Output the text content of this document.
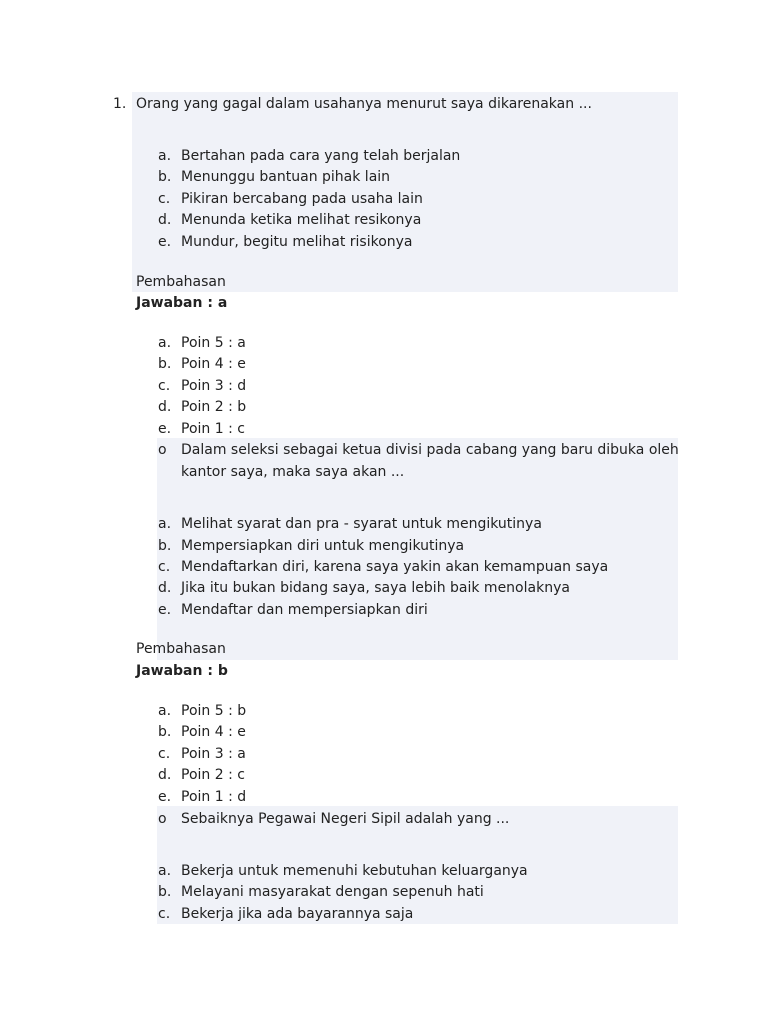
1. Orang yang gagal dalam usahanya menurut saya dikarenakan ...
a. Bertahan pada cara yang telah berjalan
b. Menunggu bantuan pihak lain
c. Pikiran bercabang pada usaha lain
d. Menunda ketika melihat resikonya
e. Mundur, begitu melihat risikonya
Pembahasan
Jawaban : a
a. Poin 5 : a
b. Poin 4 : e
c. Poin 3 : d
d. Poin 2 : b
e. Poin 1 : c
o Dalam seleksi sebagai ketua divisi pada cabang yang baru dibuka oleh
kantor saya, maka saya akan ...
a. Melihat syarat dan pra - syarat untuk mengikutinya
b. Mempersiapkan diri untuk mengikutinya
c. Mendaftarkan diri, karena saya yakin akan kemampuan saya
d. Jika itu bukan bidang saya, saya lebih baik menolaknya
e. Mendaftar dan mempersiapkan diri
Pembahasan
Jawaban : b
a. Poin 5 : b
b. Poin 4 : e
c. Poin 3 : a
d. Poin 2 : c
e. Poin 1 : d
o Sebaiknya Pegawai Negeri Sipil adalah yang ...
a. Bekerja untuk memenuhi kebutuhan keluarganya
b. Melayani masyarakat dengan sepenuh hati
c. Bekerja jika ada bayarannya saja
